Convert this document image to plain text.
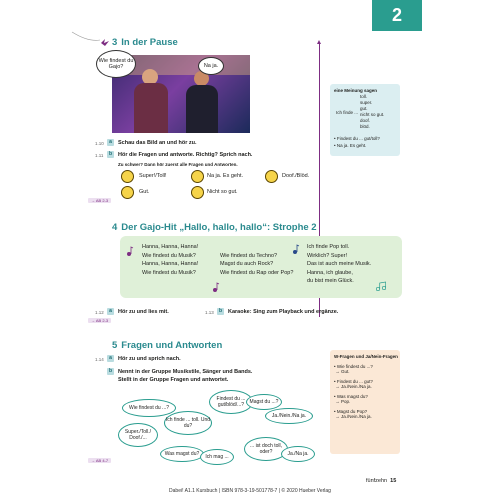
2
3 In der Pause
Wie findest du Gajo?	Na ja.
1.10	a	Schau das Bild an und hör zu.
1.11	b	Hör die Fragen und antworte. Richtig? Sprich nach.
Zu schwer? Dann hör zuerst alle Fragen und Antworten.
Super!/Toll!	Na ja. Es geht.	Doof./Blöd.
Gut.	Nicht so gut.
→ AB 2-3
eine Meinung sagen
Ich finde ...
toll.
super.
gut.
nicht so gut.
doof.
blöd.
• Findest du ... gut/toll?
• Na ja. Es geht.
4 Der Gajo-Hit „Hallo, hallo, hallo“: Strophe 2
Hanna, Hanna, Hanna!
Wie findest du Musik?
Hanna, Hanna, Hanna!
Wie findest du Musik?

Wie findest du Techno?
Magst du auch Rock?
Wie findest du Rap oder Pop?
Ich finde Pop toll.
Wirklich? Super!
Das ist auch meine Musik.
Hanna, ich glaube,
du bist mein Glück.
1.12	a	Hör zu und lies mit.	1.13	b	Karaoke: Sing zum Playback und ergänze.
→ AB 2-3
5 Fragen und Antworten
1.14	a	Hör zu und sprich nach.
b	Nennt in der Gruppe Musikstile, Sänger und Bands.
Stellt in der Gruppe Fragen und antwortet.
Wie findest du ...?
Ich finde ... toll. Und du?
Super./Toll./ Doof./...
Findest du ... gut/blöd/...?	Magst du ...?
Ja./Nein./Na ja.
Was magst du? Ich mag ...
... ist doch toll, oder?	Ja./Na ja.
→ AB 4-7
W-Fragen und Ja/Nein-Fragen
• Wie findest du ...?
→ Gut.
• Findest du ... gut?
→ Ja./Nein./Na ja.
• Was magst du?
→ Pop.
• Magst du Pop?
→ Ja./Nein./Na ja.
fünfzehn 15
Dabei! A1.1 Kursbuch | ISBN 978-3-19-501778-7 | © 2020 Hueber Verlag
